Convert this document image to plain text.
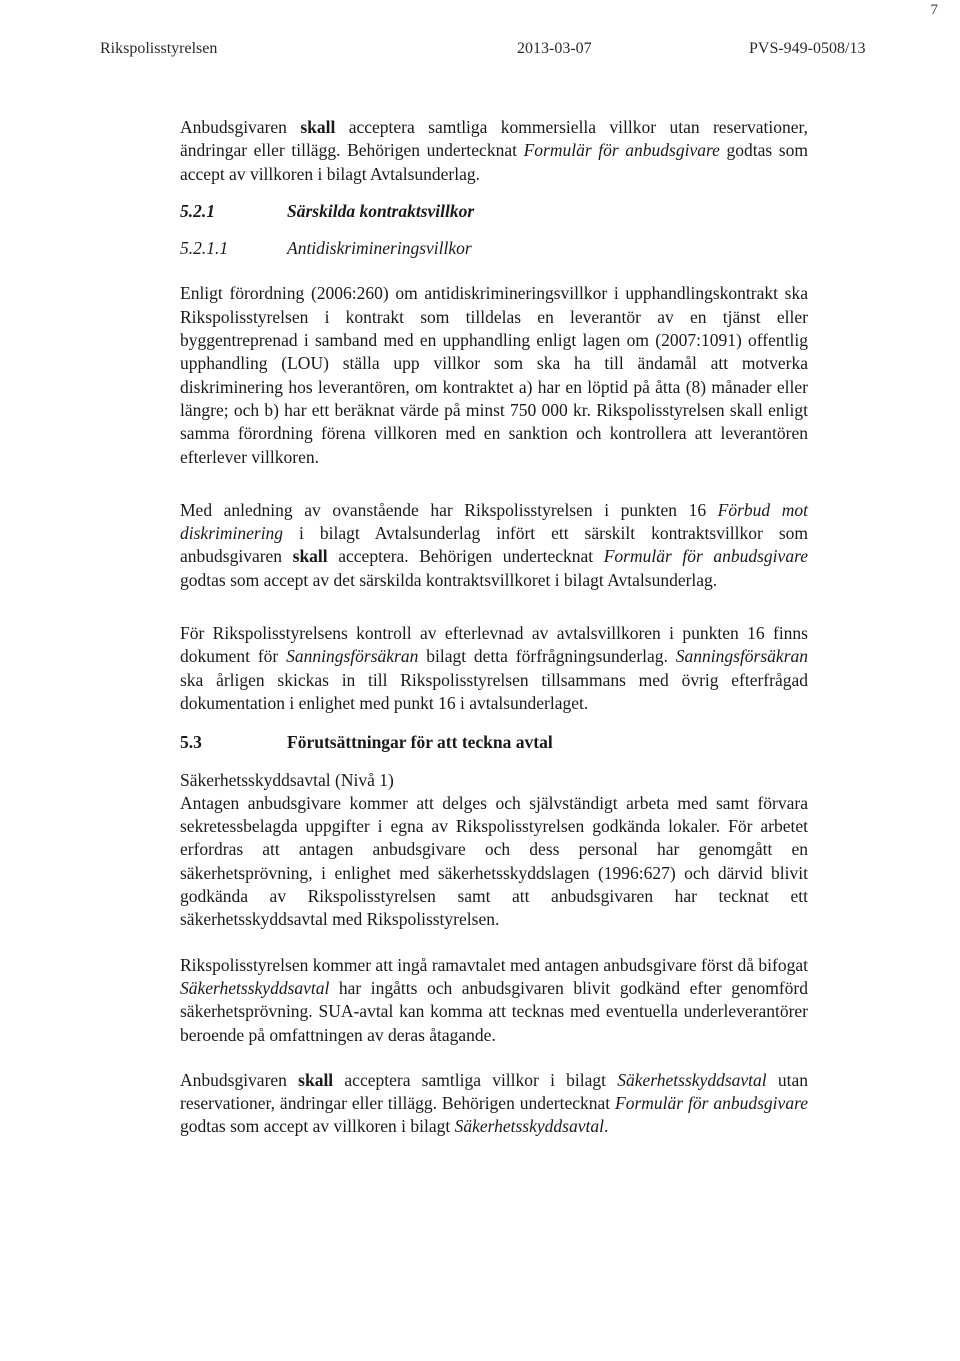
7
Rikspolisstyrelsen	2013-03-07	PVS-949-0508/13

Anbudsgivaren skall acceptera samtliga kommersiella villkor utan reservationer, ändringar eller tillägg. Behörigen undertecknat Formulär för anbudsgivare godtas som accept av villkoren i bilagt Avtalsunderlag.

5.2.1	Särskilda kontraktsvillkor
5.2.1.1	Antidiskrimineringsvillkor

Enligt förordning (2006:260) om antidiskrimineringsvillkor i upphandlingskontrakt ska Rikspolisstyrelsen i kontrakt som tilldelas en leverantör av en tjänst eller byggentreprenad i samband med en upphandling enligt lagen om (2007:1091) offentlig upphandling (LOU) ställa upp villkor som ska ha till ändamål att motverka diskriminering hos leverantören, om kontraktet a) har en löptid på åtta (8) månader eller längre; och b) har ett beräknat värde på minst 750 000 kr. Rikspolisstyrelsen skall enligt samma förordning förena villkoren med en sanktion och kontrollera att leverantören efterlever villkoren.

Med anledning av ovanstående har Rikspolisstyrelsen i punkten 16 Förbud mot diskriminering i bilagt Avtalsunderlag infört ett särskilt kontraktsvillkor som anbudsgivaren skall acceptera. Behörigen undertecknat Formulär för anbudsgivare godtas som accept av det särskilda kontraktsvillkoret i bilagt Avtalsunderlag.

För Rikspolisstyrelsens kontroll av efterlevnad av avtalsvillkoren i punkten 16 finns dokument för Sanningsförsäkran bilagt detta förfrågningsunderlag. Sanningsförsäkran ska årligen skickas in till Rikspolisstyrelsen tillsammans med övrig efterfrågad dokumentation i enlighet med punkt 16 i avtalsunderlaget.

5.3	Förutsättningar för att teckna avtal

Säkerhetsskyddsavtal (Nivå 1)

Antagen anbudsgivare kommer att delges och självständigt arbeta med samt förvara sekretessbelagda uppgifter i egna av Rikspolisstyrelsen godkända lokaler. För arbetet erfordras att antagen anbudsgivare och dess personal har genomgått en säkerhetsprövning, i enlighet med säkerhetsskyddslagen (1996:627) och därvid blivit godkända av Rikspolisstyrelsen samt att anbudsgivaren har tecknat ett säkerhetsskyddsavtal med Rikspolisstyrelsen.

Rikspolisstyrelsen kommer att ingå ramavtalet med antagen anbudsgivare först då bifogat Säkerhetsskyddsavtal har ingåtts och anbudsgivaren blivit godkänd efter genomförd säkerhetsprövning. SUA-avtal kan komma att tecknas med eventuella underleverantörer beroende på omfattningen av deras åtagande.

Anbudsgivaren skall acceptera samtliga villkor i bilagt Säkerhetsskyddsavtal utan reservationer, ändringar eller tillägg. Behörigen undertecknat Formulär för anbudsgivare godtas som accept av villkoren i bilagt Säkerhetsskyddsavtal.
